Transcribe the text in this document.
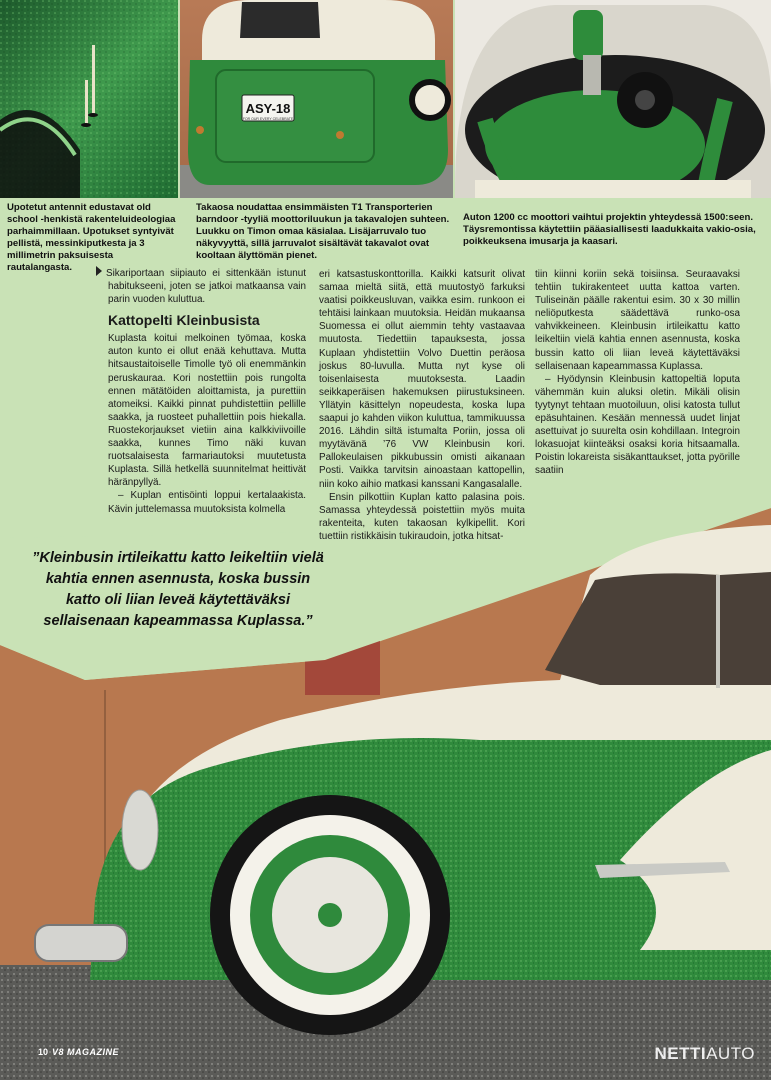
ASY-18
FOR OUR EVERY CELEBRATE
Upotetut antennit edustavat old school -henkistä rakenteluideologiaa parhaimmillaan. Upotukset syntyivät pellistä, messinkiputkesta ja 3 millimetrin paksuisesta rautalangasta.
Takaosa noudattaa ensimmäisten T1 Transporterien barndoor -tyyliä moottoriluukun ja takavalojen suhteen. Luukku on Timon omaa käsialaa. Lisäjarruvalo tuo näkyvyyttä, sillä jarruvalot sisältävät takavalot ovat kooltaan älyttömän pienet.
Auton 1200 cc moottori vaihtui projektin yhteydessä 1500:seen. Täysremontissa käytettiin pääasiallisesti laadukkaita vakio-osia, poikkeuksena imusarja ja kaasari.
”Kleinbusin irtileikattu katto leikeltiin vielä kahtia ennen asennusta, koska bussin katto oli liian leveä käytettäväksi sellaisenaan kapeammassa Kuplassa.”

Sikariportaan siipiauto ei sittenkään istunut habitukseeni, joten se jatkoi matkaansa vain parin vuoden kuluttua.

Kattopelti Kleinbusista

Kuplasta koitui melkoinen työmaa, koska auton kunto ei ollut enää kehuttava. Mutta hitsaustaitoiselle Timolle työ oli enemmänkin peruskauraa. Kori nostettiin pois rungolta ennen mätätöiden aloittamista, ja purettiin atomeiksi. Kaikki pinnat puhdistettiin pellille saakka, ja ruosteet puhallettiin pois hiekalla. Ruostekorjaukset vietiin aina kalkkiviivoille saakka, kunnes Timo näki kuvan ruotsalaisesta farmariautoksi muutetusta Kuplasta. Sillä hetkellä suunnitelmat heittivät häränpyllyä.

– Kuplan entisöinti loppui kertalaakista. Kävin juttelemassa muutoksista kolmella

eri katsastuskonttorilla. Kaikki katsurit olivat samaa mieltä siitä, että muutostyö farkuksi vaatisi poikkeusluvan, vaikka esim. runkoon ei tehtäisi lainkaan muutoksia. Heidän mukaansa Suomessa ei ollut aiemmin tehty vastaavaa muutosta. Tiedettiin tapauksesta, jossa Kuplaan yhdistettiin Volvo Duettin peräosa joskus 80-luvulla. Mutta nyt kyse oli toisenlaisesta muutoksesta. Laadin seikkaperäisen hakemuksen piirustuksineen. Yllätyin käsittelyn nopeudesta, koska lupa saapui jo kahden viikon kuluttua, tammikuussa 2016. Lähdin siltä istumalta Poriin, jossa oli myytävänä ’76 VW Kleinbusin kori. Pallokeulaisen pikkubussin omisti aikanaan Posti. Vaikka tarvitsin ainoastaan kattopellin, niin koko aihio matkasi kanssani Kangasalalle.

Ensin pilkottiin Kuplan katto palasina pois. Samassa yhteydessä poistettiin myös muita rakenteita, kuten takaosan kylkipellit. Kori tuettiin ristikkäisin tukiraudoin, jotka hitsat-

tiin kiinni koriin sekä toisiinsa. Seuraavaksi tehtiin tukirakenteet uutta kattoa varten. Tuliseinän päälle rakentui esim. 30 x 30 millin neliöputkesta säädettävä runko-osa vahvikkeineen. Kleinbusin irtileikattu katto leikeltiin vielä kahtia ennen asennusta, koska bussin katto oli liian leveä käytettäväksi sellaisenaan kapeammassa Kuplassa.

– Hyödynsin Kleinbusin kattopeltiä loputa vähemmän kuin aluksi oletin. Mikäli olisin tyytynyt tehtaan muotoiluun, olisi katosta tullut epäsuhtainen. Kesään mennessä uudet linjat asettuivat jo suurelta osin kohdillaan. Integroin lokasuojat kiinteäksi osaksi koria hitsaamalla. Poistin lokareista sisäkanttaukset, jotta pyörille saatiin

10 V8 MAGAZINE	NETTIAUTO
